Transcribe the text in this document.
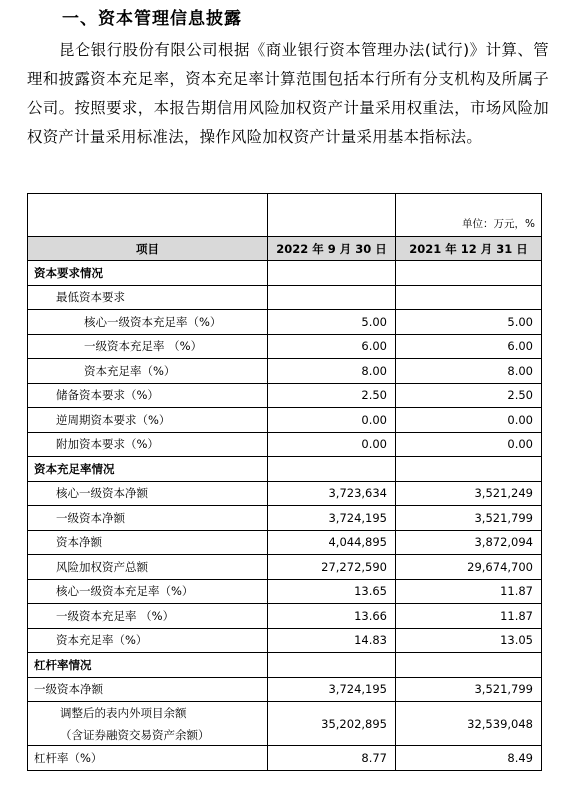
一、资本管理信息披露
昆仑银行股份有限公司根据《商业银行资本管理办法(试行)》计算、管理和披露资本充足率，资本充足率计算范围包括本行所有分支机构及所属子公司。按照要求，本报告期信用风险加权资产计量采用权重法，市场风险加权资产计量采用标准法，操作风险加权资产计量采用基本指标法。
		单位：万元，%
项目	2022 年 9 月 30 日	2021 年 12 月 31 日
资本要求情况		
最低资本要求		
核心一级资本充足率（%）	5.00	5.00
一级资本充足率 （%）	6.00	6.00
资本充足率（%）	8.00	8.00
储备资本要求（%）	2.50	2.50
逆周期资本要求（%）	0.00	0.00
附加资本要求（%）	0.00	0.00
资本充足率情况		
核心一级资本净额	3,723,634	3,521,249
一级资本净额	3,724,195	3,521,799
资本净额	4,044,895	3,872,094
风险加权资产总额	27,272,590	29,674,700
核心一级资本充足率（%）	13.65	11.87
一级资本充足率 （%）	13.66	11.87
资本充足率（%）	14.83	13.05
杠杆率情况		
一级资本净额	3,724,195	3,521,799

调整后的表内外项目余额
（含证券融资交易资产余额）	35,202,895	32,539,048
杠杆率（%）	8.77	8.49
